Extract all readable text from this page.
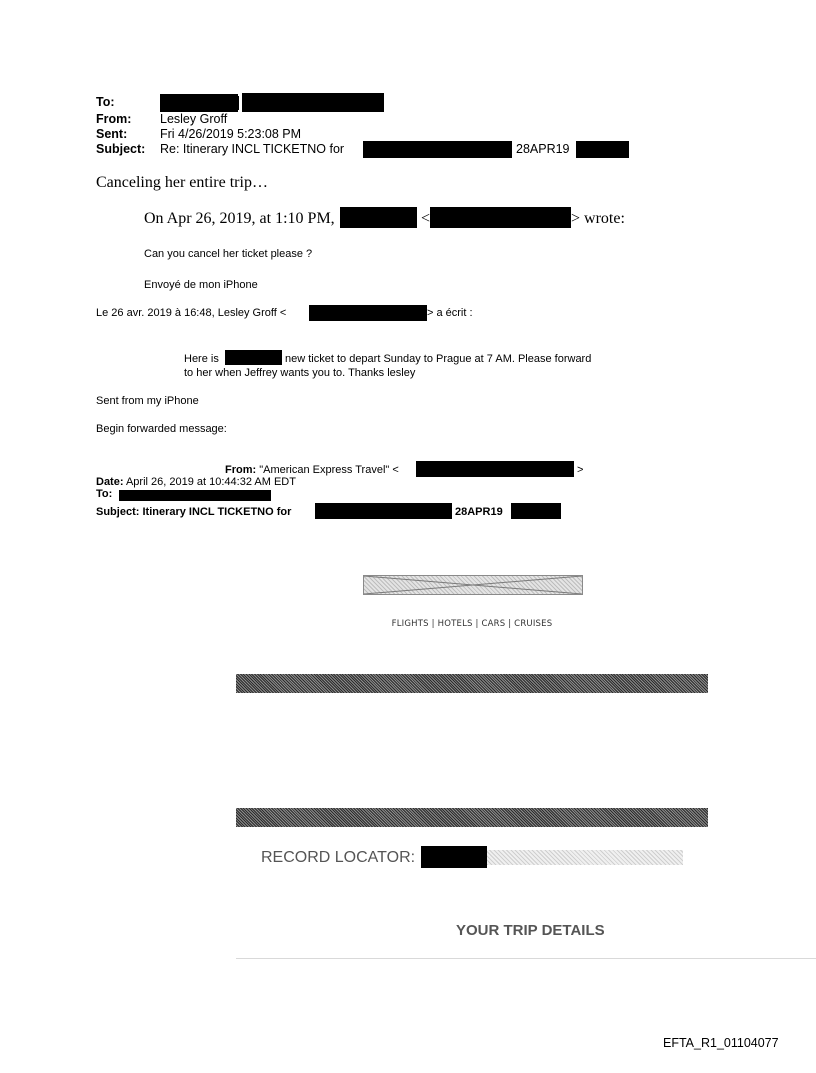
To:
From: Lesley Groff
Sent:	Fri 4/26/2019 5:23:08 PM
Subject: Re: Itinerary INCL TICKETNO for	28APR19
Canceling her entire trip…
On Apr 26, 2019, at 1:10 PM,	<	> wrote:
Can you cancel her ticket please ?
Envoyé de mon iPhone
Le 26 avr. 2019 à 16:48, Lesley Groff <	> a écrit :
Here is	new ticket to depart Sunday to Prague at 7 AM. Please forward
to her when Jeffrey wants you to. Thanks lesley
Sent from my iPhone
Begin forwarded message:
From: "American Express Travel" <	>
Date: April 26, 2019 at 10:44:32 AM EDT
To:
Subject: Itinerary INCL TICKETNO for	28APR19
FLIGHTS | HOTELS | CARS | CRUISES
RECORD LOCATOR:
YOUR TRIP DETAILS
EFTA_R1_01104077
